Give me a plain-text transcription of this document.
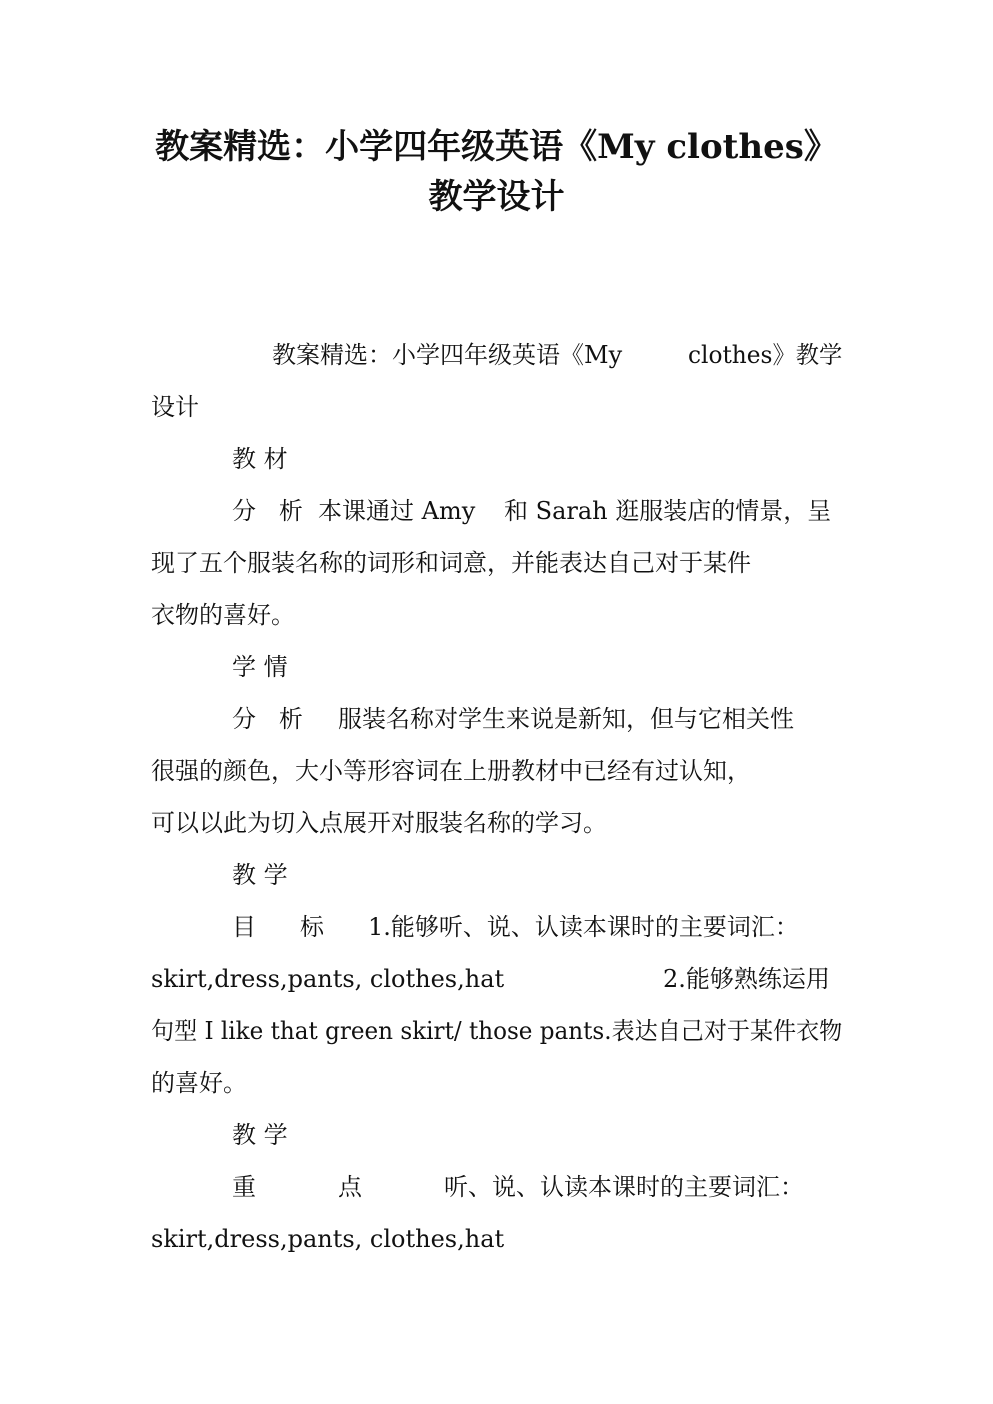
教案精选：小学四年级英语《My clothes》
教学设计
教案精选：小学四年级英语《My	clothes》教学
设计
教 材
分   析 本课通过 Amy 和 Sarah 逛服装店的情景，呈
现了五个服装名称的词形和词意，并能表达自己对于某件
衣物的喜好。
学 情
分   析 服装名称对学生来说是新知，但与它相关性
很强的颜色，大小等形容词在上册教材中已经有过认知，
可以以此为切入点展开对服装名称的学习。
教 学
目 标 1.能够听、说、认读本课时的主要词汇：
skirt,dress,pants, clothes,hat	2.能够熟练运用
句型 I like that green skirt/ those pants.表达自己对于某件衣物
的喜好。
教 学
重	点	听、说、认读本课时的主要词汇：
skirt,dress,pants, clothes,hat
